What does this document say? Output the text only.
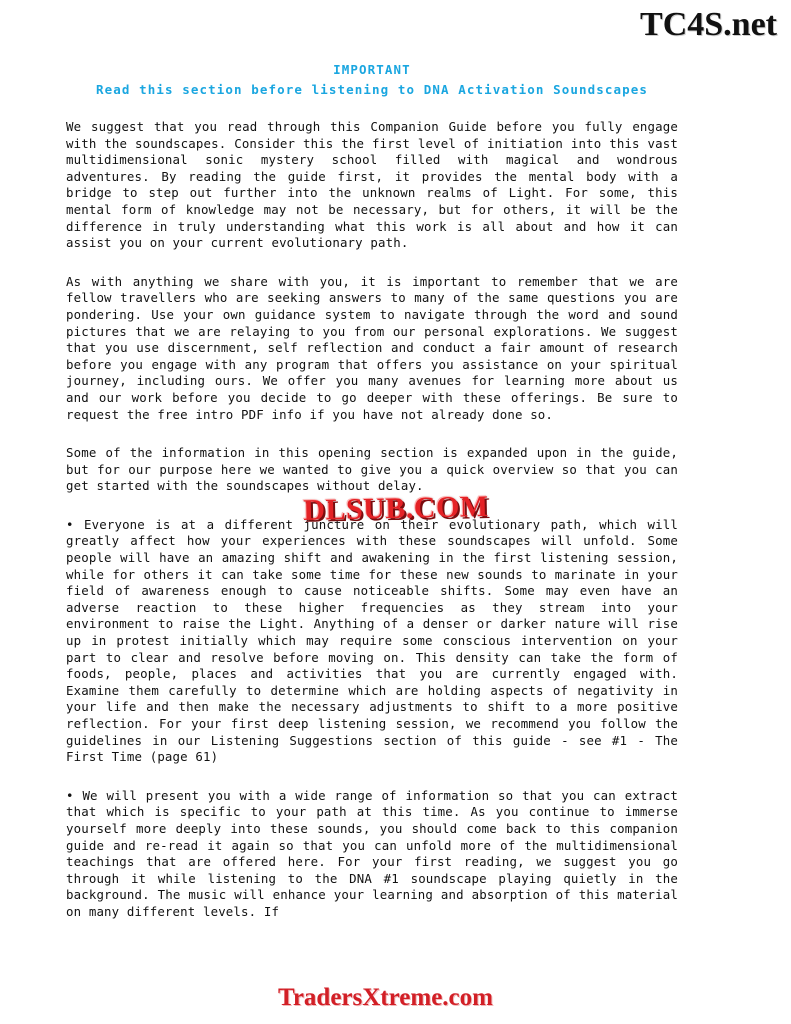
TC4S.net
IMPORTANT
Read this section before listening to DNA Activation Soundscapes

We suggest that you read through this Companion Guide before you fully engage with the soundscapes. Consider this the first level of initiation into this vast multidimensional sonic mystery school filled with magical and wondrous adventures. By reading the guide first, it provides the mental body with a bridge to step out further into the unknown realms of Light. For some, this mental form of knowledge may not be necessary, but for others, it will be the difference in truly understanding what this work is all about and how it can assist you on your current evolutionary path.

As with anything we share with you, it is important to remember that we are fellow travellers who are seeking answers to many of the same questions you are pondering. Use your own guidance system to navigate through the word and sound pictures that we are relaying to you from our personal explorations. We suggest that you use discernment, self reflection and conduct a fair amount of research before you engage with any program that offers you assistance on your spiritual journey, including ours. We offer you many avenues for learning more about us and our work before you decide to go deeper with these offerings. Be sure to request the free intro PDF info if you have not already done so.

Some of the information in this opening section is expanded upon in the guide, but for our purpose here we wanted to give you a quick overview so that you can get started with the soundscapes without delay.

• Everyone is at a different juncture on their evolutionary path, which will greatly affect how your experiences with these soundscapes will unfold. Some people will have an amazing shift and awakening in the first listening session, while for others it can take some time for these new sounds to marinate in your field of awareness enough to cause noticeable shifts. Some may even have an adverse reaction to these higher frequencies as they stream into your environment to raise the Light. Anything of a denser or darker nature will rise up in protest initially which may require some conscious intervention on your part to clear and resolve before moving on. This density can take the form of foods, people, places and activities that you are currently engaged with. Examine them carefully to determine which are holding aspects of negativity in your life and then make the necessary adjustments to shift to a more positive reflection. For your first deep listening session, we recommend you follow the guidelines in our Listening Suggestions section of this guide - see #1 - The First Time (page 61)

• We will present you with a wide range of information so that you can extract that which is specific to your path at this time. As you continue to immerse yourself more deeply into these sounds, you should come back to this companion guide and re-read it again so that you can unfold more of the multidimensional teachings that are offered here. For your first reading, we suggest you go through it while listening to the DNA #1 soundscape playing quietly in the background. The music will enhance your learning and absorption of this material on many different levels. If

DLSUB.COM
TradersXtreme.com
